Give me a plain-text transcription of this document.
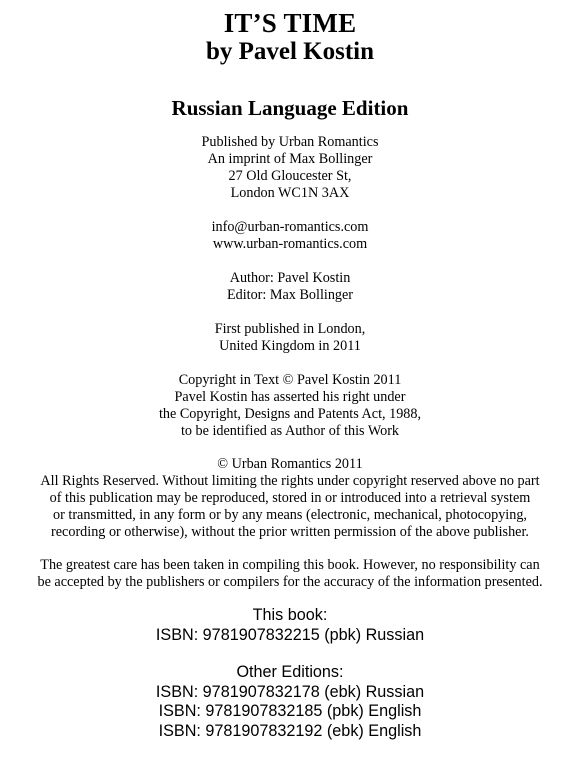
IT’S TIME
by Pavel Kostin
Russian Language Edition

Published by Urban Romantics
An imprint of Max Bollinger
27 Old Gloucester St,
London WC1N 3AX

info@urban-romantics.com
www.urban-romantics.com

Author: Pavel Kostin
Editor: Max Bollinger

First published in London,
United Kingdom in 2011

Copyright in Text © Pavel Kostin 2011
Pavel Kostin has asserted his right under
the Copyright, Designs and Patents Act, 1988,
to be identified as Author of this Work

© Urban Romantics 2011
All Rights Reserved. Without limiting the rights under copyright reserved above no part
of this publication may be reproduced, stored in or introduced into a retrieval system
or transmitted, in any form or by any means (electronic, mechanical, photocopying,
recording or otherwise), without the prior written permission of the above publisher.

The greatest care has been taken in compiling this book. However, no responsibility can
be accepted by the publishers or compilers for the accuracy of the information presented.

This book:
ISBN: 9781907832215 (pbk) Russian

Other Editions:
ISBN: 9781907832178 (ebk) Russian
ISBN: 9781907832185 (pbk) English
ISBN: 9781907832192 (ebk) English
